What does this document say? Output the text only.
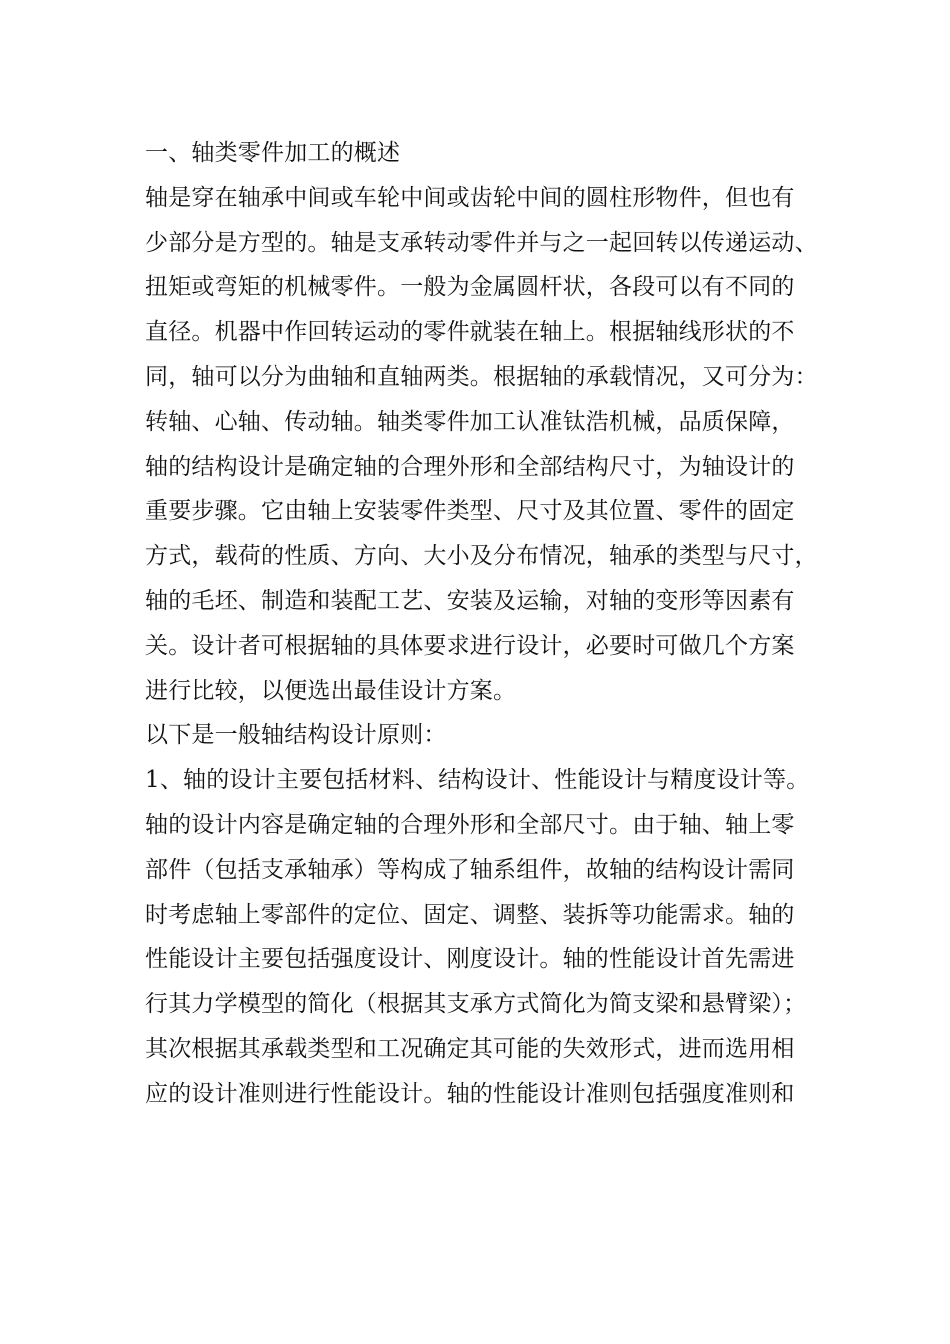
一、轴类零件加工的概述
轴是穿在轴承中间或车轮中间或齿轮中间的圆柱形物件，但也有
少部分是方型的。轴是支承转动零件并与之一起回转以传递运动、
扭矩或弯矩的机械零件。一般为金属圆杆状，各段可以有不同的
直径。机器中作回转运动的零件就装在轴上。根据轴线形状的不
同，轴可以分为曲轴和直轴两类。根据轴的承载情况，又可分为：
转轴、心轴、传动轴。轴类零件加工认准钛浩机械，品质保障，
轴的结构设计是确定轴的合理外形和全部结构尺寸，为轴设计的
重要步骤。它由轴上安装零件类型、尺寸及其位置、零件的固定
方式，载荷的性质、方向、大小及分布情况，轴承的类型与尺寸，
轴的毛坯、制造和装配工艺、安装及运输，对轴的变形等因素有
关。设计者可根据轴的具体要求进行设计，必要时可做几个方案
进行比较，以便选出最佳设计方案。
以下是一般轴结构设计原则：
1、轴的设计主要包括材料、结构设计、性能设计与精度设计等。
轴的设计内容是确定轴的合理外形和全部尺寸。由于轴、轴上零
部件（包括支承轴承）等构成了轴系组件，故轴的结构设计需同
时考虑轴上零部件的定位、固定、调整、装拆等功能需求。轴的
性能设计主要包括强度设计、刚度设计。轴的性能设计首先需进
行其力学模型的简化（根据其支承方式简化为简支梁和悬臂梁）；
其次根据其承载类型和工况确定其可能的失效形式，进而选用相
应的设计准则进行性能设计。轴的性能设计准则包括强度准则和
